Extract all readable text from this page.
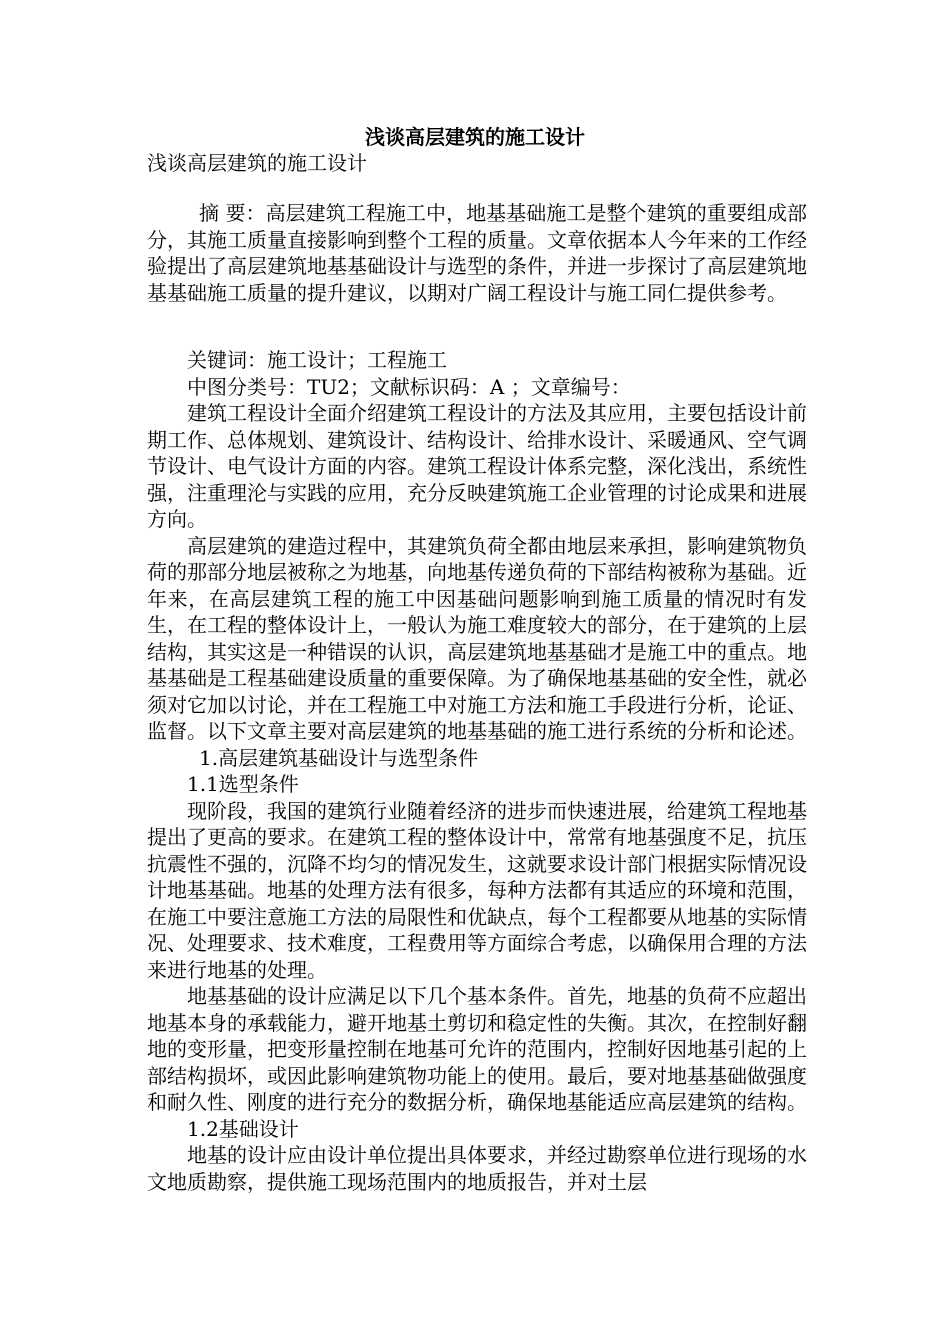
浅谈高层建筑的施工设计
浅谈高层建筑的施工设计

摘 要：高层建筑工程施工中，地基基础施工是整个建筑的重要组成部分，其施工质量直接影响到整个工程的质量。文章依据本人今年来的工作经验提出了高层建筑地基基础设计与选型的条件，并进一步探讨了高层建筑地基基础施工质量的提升建议，以期对广阔工程设计与施工同仁提供参考。

关键词：施工设计；工程施工

中图分类号：TU2；文献标识码：A ；文章编号：

建筑工程设计全面介绍建筑工程设计的方法及其应用，主要包括设计前期工作、总体规划、建筑设计、结构设计、给排水设计、采暖通风、空气调节设计、电气设计方面的内容。建筑工程设计体系完整，深化浅出，系统性强，注重理沦与实践的应用，充分反映建筑施工企业管理的讨论成果和进展方向。

高层建筑的建造过程中，其建筑负荷全都由地层来承担，影响建筑物负荷的那部分地层被称之为地基，向地基传递负荷的下部结构被称为基础。近年来，在高层建筑工程的施工中因基础问题影响到施工质量的情况时有发生，在工程的整体设计上，一般认为施工难度较大的部分，在于建筑的上层结构，其实这是一种错误的认识，高层建筑地基基础才是施工中的重点。地基基础是工程基础建设质量的重要保障。为了确保地基基础的安全性，就必须对它加以讨论，并在工程施工中对施工方法和施工手段进行分析，论证、监督。以下文章主要对高层建筑的地基基础的施工进行系统的分析和论述。

1.高层建筑基础设计与选型条件

1.1选型条件

现阶段，我国的建筑行业随着经济的进步而快速进展，给建筑工程地基提出了更高的要求。在建筑工程的整体设计中，常常有地基强度不足，抗压抗震性不强的，沉降不均匀的情况发生，这就要求设计部门根据实际情况设计地基基础。地基的处理方法有很多，每种方法都有其适应的环境和范围，在施工中要注意施工方法的局限性和优缺点，每个工程都要从地基的实际情况、处理要求、技术难度，工程费用等方面综合考虑，以确保用合理的方法来进行地基的处理。

地基基础的设计应满足以下几个基本条件。首先，地基的负荷不应超出地基本身的承载能力，避开地基土剪切和稳定性的失衡。其次，在控制好翻地的变形量，把变形量控制在地基可允许的范围内，控制好因地基引起的上部结构损坏，或因此影响建筑物功能上的使用。最后，要对地基基础做强度和耐久性、刚度的进行充分的数据分析，确保地基能适应高层建筑的结构。

1.2基础设计

地基的设计应由设计单位提出具体要求，并经过勘察单位进行现场的水文地质勘察，提供施工现场范围内的地质报告，并对土层
